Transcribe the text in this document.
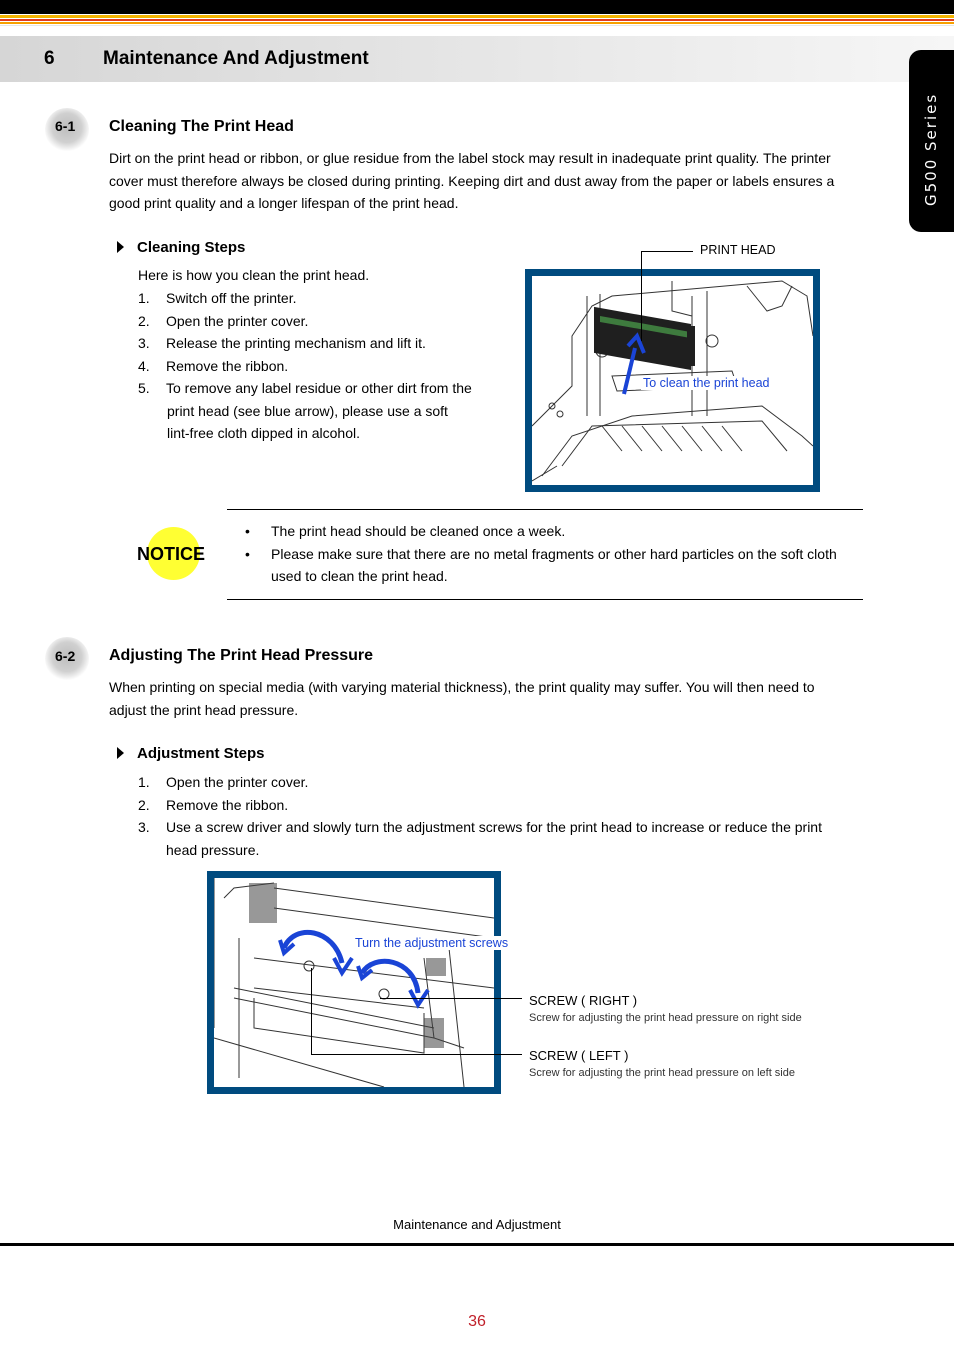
6	Maintenance And Adjustment
G500 Series
6-1 Cleaning The Print Head
Dirt on the print head or ribbon, or glue residue from the label stock may result in inadequate print quality. The printer
cover must therefore always be closed during printing. Keeping dirt and dust away from the paper or labels ensures a
good print quality and a longer lifespan of the print head.
Cleaning Steps
Here is how you clean the print head.
1. Switch off the printer.
2. Open the printer cover.
3. Release the printing mechanism and lift it.
4. Remove the ribbon.
5. To remove any label residue or other dirt from the
print head (see blue arrow), please use a soft
lint-free cloth dipped in alcohol.
PRINT HEAD
To clean the print head
NOTICE
• The print head should be cleaned once a week.
• Please make sure that there are no metal fragments or other hard particles on the soft cloth
used to clean the print head.
6-2 Adjusting The Print Head Pressure
When printing on special media (with varying material thickness), the print quality may suffer. You will then need to
adjust the print head pressure.
Adjustment Steps
1. Open the printer cover.
2. Remove the ribbon.
3. Use a screw driver and slowly turn the adjustment screws for the print head to increase or reduce the print
head pressure.
Turn the adjustment screws
SCREW ( RIGHT )
Screw for adjusting the print head pressure on right side
SCREW ( LEFT )
Screw for adjusting the print head pressure on left side
Maintenance and Adjustment
36
